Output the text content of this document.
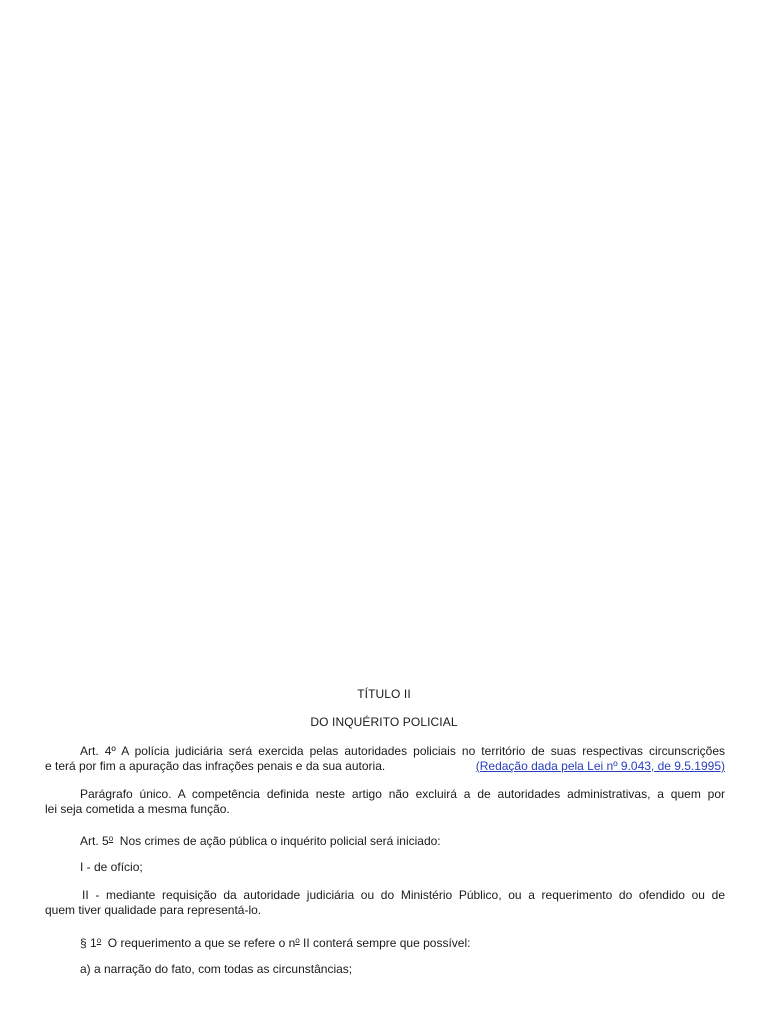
TÍTULO II
DO INQUÉRITO POLICIAL
Art. 4º A polícia judiciária será exercida pelas autoridades policiais no território de suas respectivas circunscrições
e terá por fim a apuração das infrações penais e da sua autoria.	(Redação dada pela Lei nº 9.043, de 9.5.1995)
Parágrafo único. A competência definida neste artigo não excluirá a de autoridades administrativas, a quem por
lei seja cometida a mesma função.
Art. 5$^o$  Nos crimes de ação pública o inquérito policial será iniciado:
I - de ofício;
II - mediante requisição da autoridade judiciária ou do Ministério Público, ou a requerimento do ofendido ou de
quem tiver qualidade para representá-lo.
§ 1$^o$  O requerimento a que se refere o $n^o$ II conterá sempre que possível:
a) a narração do fato, com todas as circunstâncias;
